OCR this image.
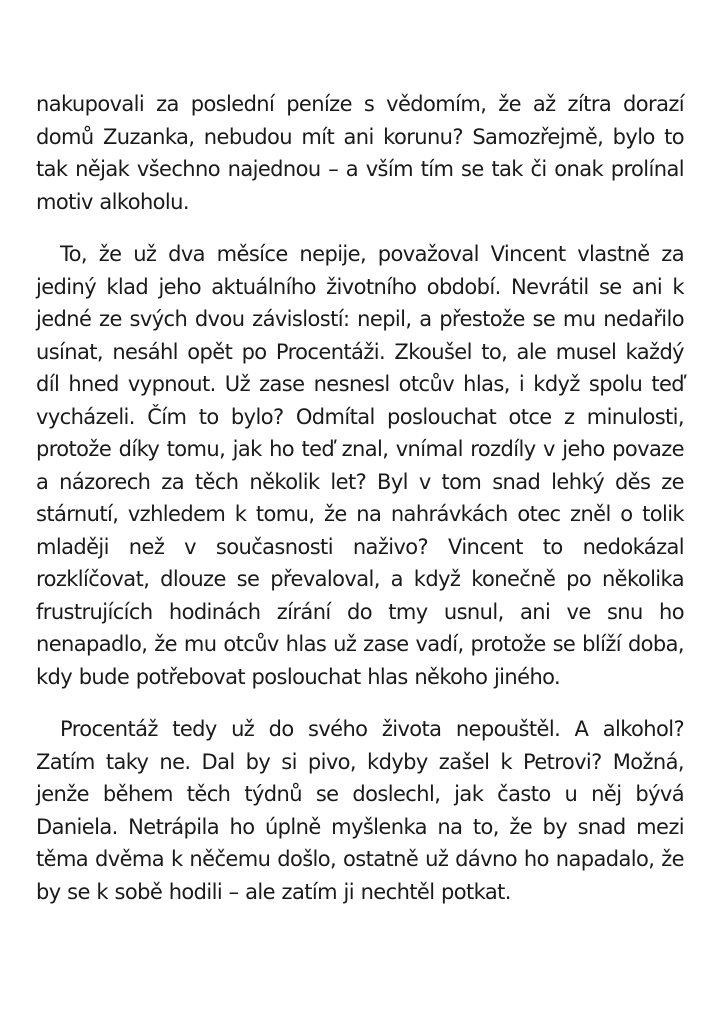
nakupovali za poslední peníze s vědomím, že až zítra dorazí domů Zuzanka, nebudou mít ani korunu? Samozřejmě, bylo to tak nějak všechno najednou – a vším tím se tak či onak prolínal motiv alkoholu.

To, že už dva měsíce nepije, považoval Vincent vlastně za jediný klad jeho aktuálního životního období. Nevrátil se ani k jedné ze svých dvou závislostí: nepil, a přestože se mu nedařilo usínat, nesáhl opět po Procentáži. Zkoušel to, ale musel každý díl hned vypnout. Už zase nesnesl otcův hlas, i když spolu teď vycházeli. Čím to bylo? Odmítal poslouchat otce z minulosti, protože díky tomu, jak ho teď znal, vnímal rozdíly v jeho povaze a názorech za těch několik let? Byl v tom snad lehký děs ze stárnutí, vzhledem k tomu, že na nahrávkách otec zněl o tolik mlaději než v současnosti naživo? Vincent to nedokázal rozklíčovat, dlouze se převaloval, a když konečně po několika frustrujících hodinách zírání do tmy usnul, ani ve snu ho nenapadlo, že mu otcův hlas už zase vadí, protože se blíží doba, kdy bude potřebovat poslouchat hlas někoho jiného.

Procentáž tedy už do svého života nepouštěl. A alkohol? Zatím taky ne. Dal by si pivo, kdyby zašel k Petrovi? Možná, jenže během těch týdnů se doslechl, jak často u něj bývá Daniela. Netrápila ho úplně myšlenka na to, že by snad mezi těma dvěma k něčemu došlo, ostatně už dávno ho napadalo, že by se k sobě hodili – ale zatím ji nechtěl potkat.
